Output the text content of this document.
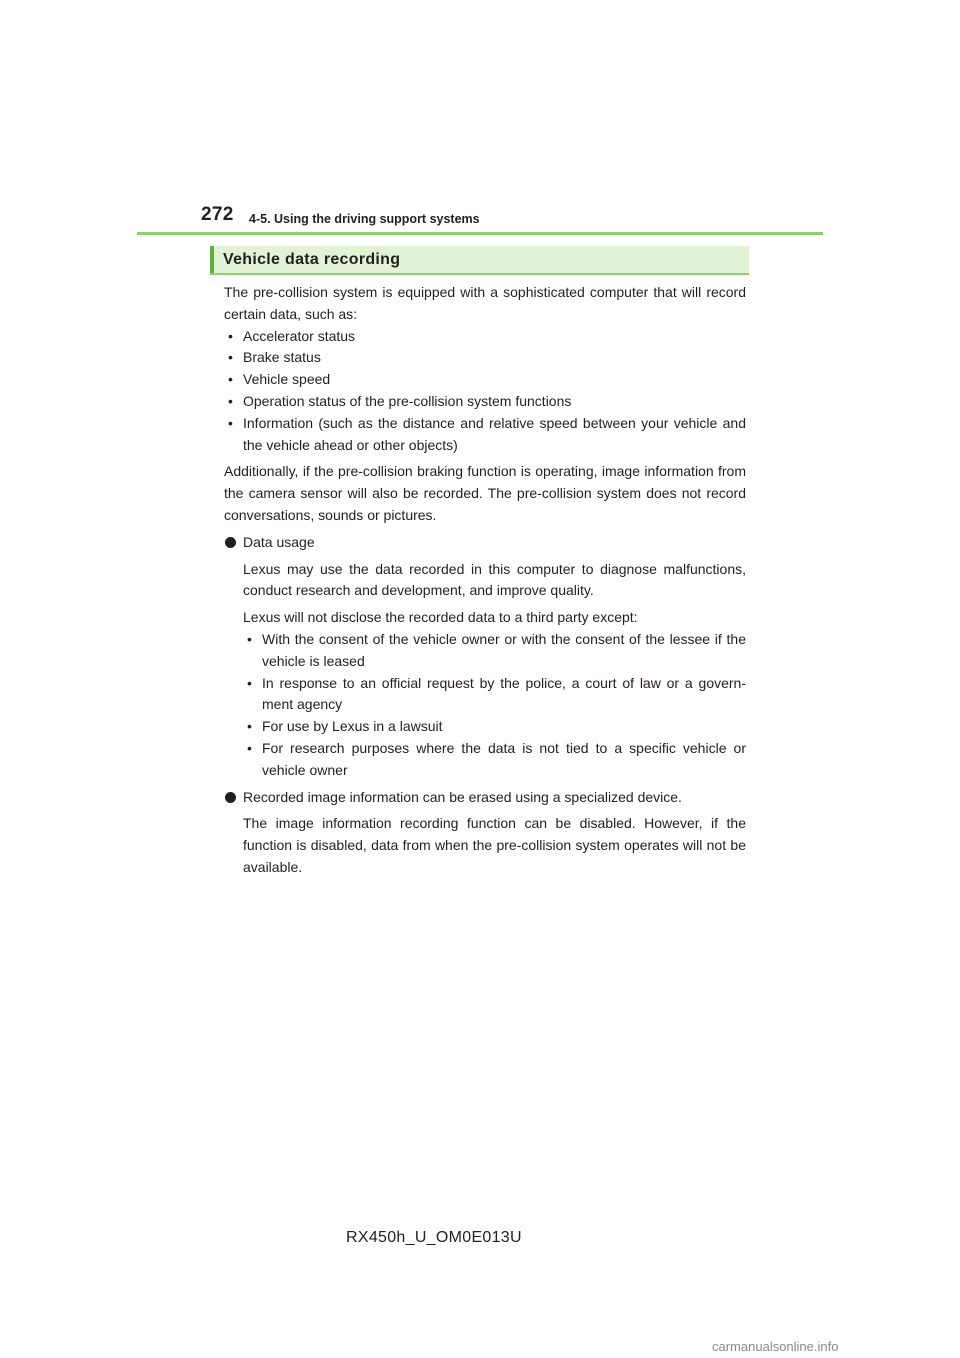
272 4-5. Using the driving support systems
Vehicle data recording

The pre-collision system is equipped with a sophisticated computer that will record certain data, such as:

• Accelerator status
• Brake status
• Vehicle speed
• Operation status of the pre-collision system functions
• Information (such as the distance and relative speed between your vehicle and the vehicle ahead or other objects)

Additionally, if the pre-collision braking function is operating, image information from the camera sensor will also be recorded. The pre-collision system does not record conversations, sounds or pictures.

Data usage

Lexus may use the data recorded in this computer to diagnose malfunctions, conduct research and development, and improve quality.

Lexus will not disclose the recorded data to a third party except:

• With the consent of the vehicle owner or with the consent of the lessee if the vehicle is leased
• In response to an official request by the police, a court of law or a govern-ment agency
• For use by Lexus in a lawsuit
• For research purposes where the data is not tied to a specific vehicle or vehicle owner

Recorded image information can be erased using a specialized device.

The image information recording function can be disabled. However, if the function is disabled, data from when the pre-collision system operates will not be available.

RX450h_U_OM0E013U
carmanualsonline.info
